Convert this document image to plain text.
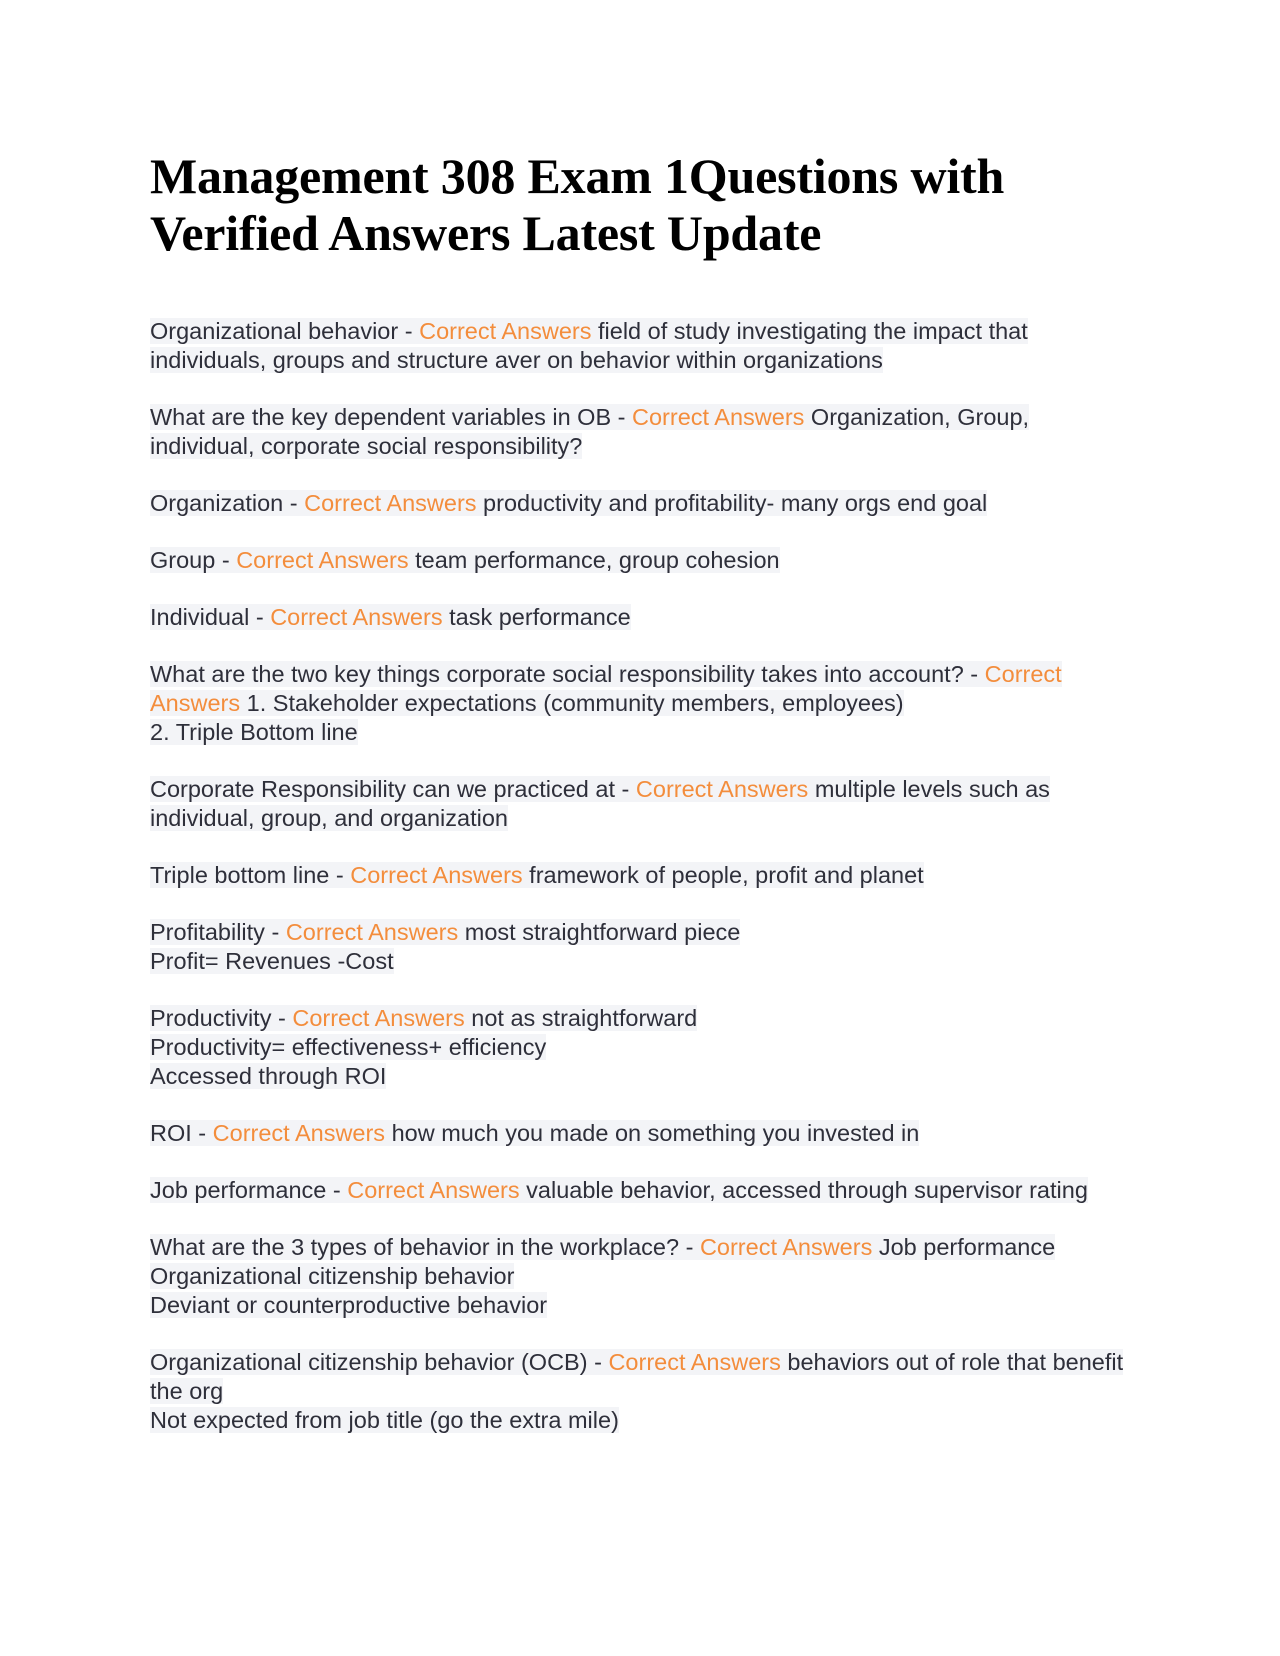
Management 308 Exam 1Questions with Verified Answers Latest Update

Organizational behavior - Correct Answers field of study investigating the impact that individuals, groups and structure aver on behavior within organizations

What are the key dependent variables in OB - Correct Answers Organization, Group, individual, corporate social responsibility?

Organization - Correct Answers productivity and profitability- many orgs end goal

Group - Correct Answers team performance, group cohesion

Individual - Correct Answers task performance

What are the two key things corporate social responsibility takes into account? - Correct Answers 1. Stakeholder expectations (community members, employees)
2. Triple Bottom line

Corporate Responsibility can we practiced at - Correct Answers multiple levels such as individual, group, and organization

Triple bottom line - Correct Answers framework of people, profit and planet

Profitability - Correct Answers most straightforward piece
Profit= Revenues -Cost

Productivity - Correct Answers not as straightforward
Productivity= effectiveness+ efficiency
Accessed through ROI

ROI - Correct Answers how much you made on something you invested in

Job performance - Correct Answers valuable behavior, accessed through supervisor rating

What are the 3 types of behavior in the workplace? - Correct Answers Job performance
Organizational citizenship behavior
Deviant or counterproductive behavior

Organizational citizenship behavior (OCB) - Correct Answers behaviors out of role that benefit the org
Not expected from job title (go the extra mile)
